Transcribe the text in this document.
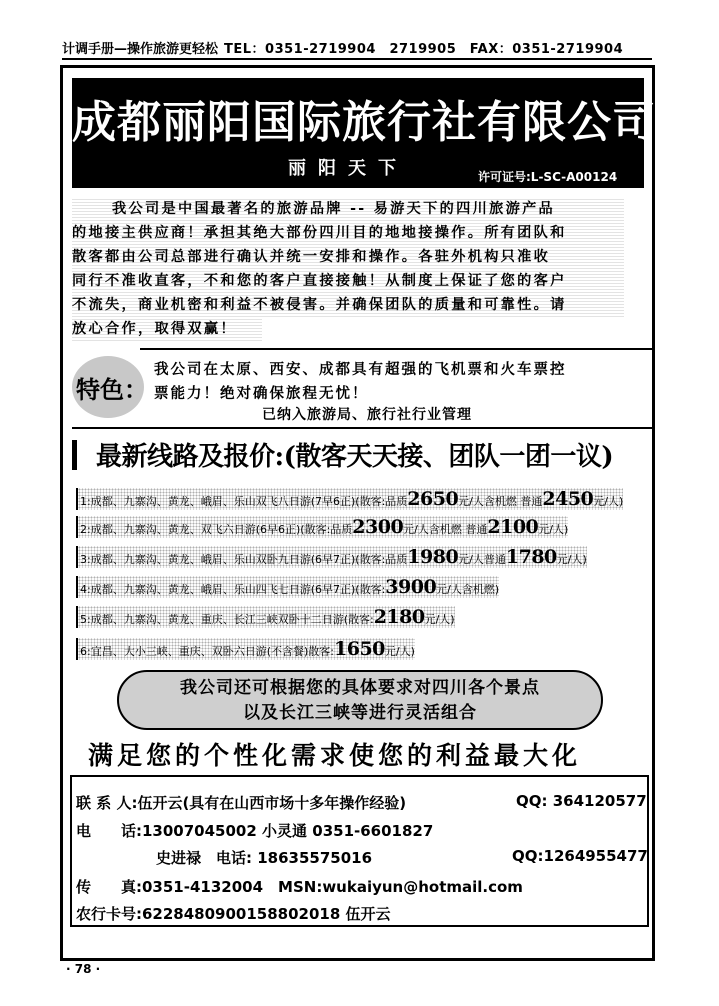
计调手册—操作旅游更轻松 TEL：0351-2719904　2719905　FAX：0351-2719904
成都丽阳国际旅行社有限公司
丽阳天下	许可证号:L-SC-A00124
我公司是中国最著名的旅游品牌 -- 易游天下的四川旅游产品
的地接主供应商！承担其绝大部份四川目的地地接操作。所有团队和
散客都由公司总部进行确认并统一安排和操作。各驻外机构只准收
同行不准收直客，不和您的客户直接接触！从制度上保证了您的客户
不流失，商业机密和利益不被侵害。并确保团队的质量和可靠性。请
放心合作，取得双赢！
特色：
我公司在太原、西安、成都具有超强的飞机票和火车票控
票能力！绝对确保旅程无忧！
已纳入旅游局、旅行社行业管理
最新线路及报价:(散客天天接、团队一团一议)
1:成都、九寨沟、黄龙、峨眉、乐山双飞八日游(7早6正)(散客:品质2650元/人含机燃 普通2450元/人)
2:成都、九寨沟、黄龙、双飞六日游(6早6正)(散客:品质2300元/人含机燃 普通2100元/人)
3:成都、九寨沟、黄龙、峨眉、乐山双卧九日游(6早7正)(散客:品质1980元/人普通1780元/人)
4:成都、九寨沟、黄龙、峨眉、乐山四飞七日游(6早7正)(散客:3900元/人含机燃)
5:成都、九寨沟、黄龙、重庆、长江三峡双卧十二日游(散客:2180元/人)
6:宜昌、大小三峡、重庆、双卧六日游(不含餐)散客:1650元/人)
我公司还可根据您的具体要求对四川各个景点
以及长江三峡等进行灵活组合
满足您的个性化需求使您的利益最大化
联 系 人:伍开云(具有在山西市场十多年操作经验)	QQ: 364120577
电　　话:13007045002 小灵通 0351-6601827
史进禄　电话: 18635575016	QQ:1264955477
传　　真:0351-4132004　MSN:wukaiyun@hotmail.com
农行卡号:6228480900158802018 伍开云
· 78 ·
